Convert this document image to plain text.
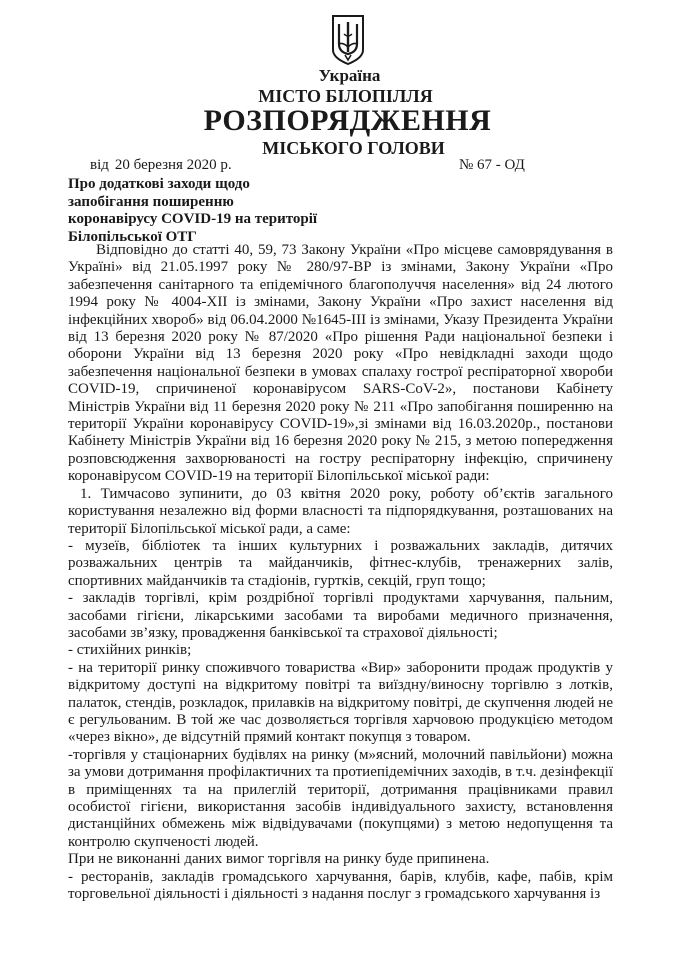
Україна
МІСТО БІЛОПІЛЛЯ
РОЗПОРЯДЖЕННЯ
МІСЬКОГО ГОЛОВИ
від 20 березня 2020 р.	№ 67 - ОД
Про додаткові заходи щодо
запобігання поширенню
коронавірусу COVID-19 на території
Білопільської ОТГ

Відповідно до статті 40, 59, 73 Закону України «Про місцеве самоврядування в Україні» від 21.05.1997 року № 280/97-ВР із змінами, Закону України «Про забезпечення санітарного та епідемічного благополуччя населення» від 24 лютого 1994 року № 4004-XII із змінами, Закону України «Про захист населення від інфекційних хвороб» від 06.04.2000 №1645-III із змінами, Указу Президента України від 13 березня 2020 року № 87/2020 «Про рішення Ради національної безпеки і оборони України від 13 березня 2020 року «Про невідкладні заходи щодо забезпечення національної безпеки в умовах спалаху гострої респіраторної хвороби COVID-19, спричиненої коронавірусом SARS-CoV-2», постанови Кабінету Міністрів України від 11 березня 2020 року № 211 «Про запобігання поширенню на території України коронавірусу COVID-19»,зі змінами від 16.03.2020р., постанови Кабінету Міністрів України від 16 березня 2020 року № 215, з метою попередження розповсюдження захворюваності на гостру респіраторну інфекцію, спричинену коронавірусом COVID-19 на території Білопільської міської ради:

1. Тимчасово зупинити, до 03 квітня 2020 року, роботу об’єктів загального користування незалежно від форми власності та підпорядкування, розташованих на території Білопільської міської ради, а саме:

- музеїв, бібліотек та інших культурних і розважальних закладів, дитячих розважальних центрів та майданчиків, фітнес-клубів, тренажерних залів, спортивних майданчиків та стадіонів, гуртків, секцій, груп тощо;

- закладів торгівлі, крім роздрібної торгівлі продуктами харчування, пальним, засобами гігієни, лікарськими засобами та виробами медичного призначення, засобами зв’язку, провадження банківської та страхової діяльності;

- стихійних ринків;

- на території ринку споживчого товариства «Вир» заборонити продаж продуктів у відкритому доступі на відкритому повітрі та виїздну/виносну торгівлю з лотків, палаток, стендів, розкладок, прилавків на відкритому повітрі, де скупчення людей не є регульованим. В той же час дозволяється торгівля харчовою продукцією методом «через вікно», де відсутній прямий контакт покупця з товаром.

-торгівля у стаціонарних будівлях на ринку (м»ясний, молочний павільйони) можна за умови дотримання профілактичних та протиепідемічних заходів, в т.ч. дезінфекції в приміщеннях та на прилеглій території, дотримання працівниками правил особистої гігієни, використання засобів індивідуального захисту, встановлення дистанційних обмежень між відвідувачами (покупцями) з метою недопущення та контролю скупченості людей.

При не виконанні даних вимог торгівля на ринку буде припинена.

- ресторанів, закладів громадського харчування, барів, клубів, кафе, пабів, крім торговельної діяльності і діяльності з надання послуг з громадського харчування із
